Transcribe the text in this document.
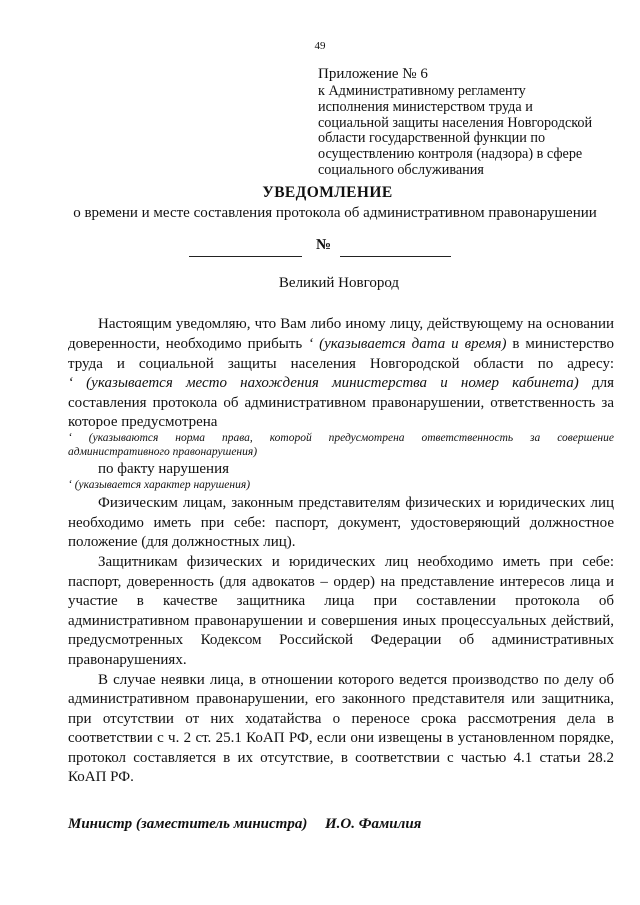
49
Приложение № 6
к Административному регламенту
исполнения министерством труда и
социальной защиты населения Новгородской
области государственной функции по
осуществлению контроля (надзора) в сфере
социального обслуживания
УВЕДОМЛЕНИЕ
о времени и месте составления протокола об административном правонарушении
№
Великий Новгород
Настоящим уведомляю, что Вам либо иному лицу, действующему на основании
доверенности, необходимо прибыть ‘ (указывается дата и время) в министерство
труда и социальной защиты населения Новгородской области по адресу:
‘ (указывается место нахождения министерства и номер кабинета) для
составления протокола об административном правонарушении, ответственность за
которое предусмотрена
‘ (указываются норма права, которой предусмотрена ответственность за совершение
административного правонарушения)
по факту нарушения
‘ (указывается характер нарушения)
Физическим лицам, законным представителям физических и юридических лиц
необходимо иметь при себе: паспорт, документ, удостоверяющий должностное
положение (для должностных лиц).
Защитникам физических и юридических лиц необходимо иметь при себе:
паспорт, доверенность (для адвокатов – ордер) на представление интересов лица и
участие в качестве защитника лица при составлении протокола об
административном правонарушении и совершения иных процессуальных действий,
предусмотренных Кодексом Российской Федерации об административных
правонарушениях.
В случае неявки лица, в отношении которого ведется производство по делу об
административном правонарушении, его законного представителя или защитника,
при отсутствии от них ходатайства о переносе срока рассмотрения дела в
соответствии с ч. 2 ст. 25.1 КоАП РФ, если они извещены в установленном порядке,
протокол составляется в их отсутствие, в соответствии с частью 4.1 статьи 28.2
КоАП РФ.
Министр (заместитель министра) И.О. Фамилия
